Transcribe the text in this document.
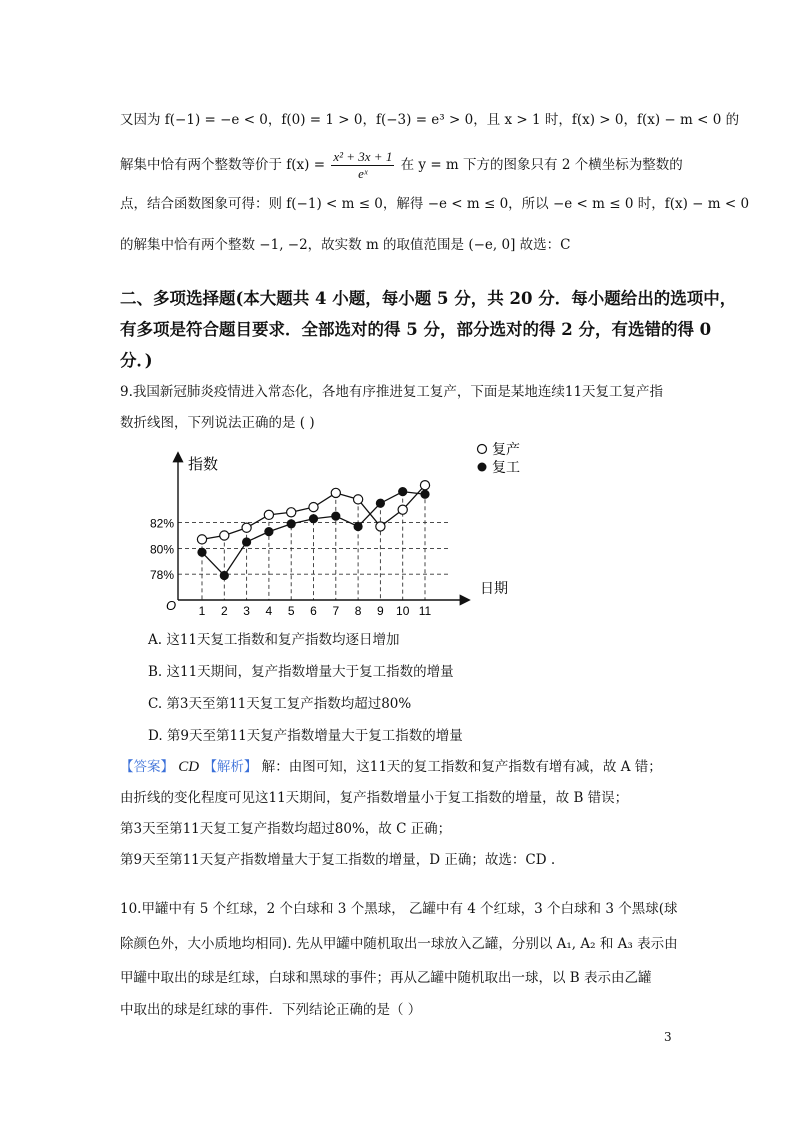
又因为 f(−1) = −e < 0，f(0) = 1 > 0，f(−3) = e³ > 0，且 x > 1 时，f(x) > 0，f(x) − m < 0 的
解集中恰有两个整数等价于 $f(x) = \frac{\text{x² + 3x + 1}}{\text{eˣ}}$ 在 y = m 下方的图象只有 2 个横坐标为整数的
点，结合函数图象可得：则 f(−1) < m ≤ 0，解得 −e < m ≤ 0，所以 −e < m ≤ 0 时，f(x) − m < 0
的解集中恰有两个整数 −1, −2，故实数 m 的取值范围是 (−e, 0] 故选：C
二、多项选择题(本大题共 4 小题，每小题 5 分，共 20 分．每小题给出的选项中，
有多项是符合题目要求．全部选对的得 5 分，部分选对的得 2 分，有选错的得 0
分．)
9.我国新冠肺炎疫情进入常态化，各地有序推进复工复产，下面是某地连续11天复工复产指
数折线图，下列说法正确的是 ( )
指数
日期
O
78%
80%
82%
1 2 3 4 5 6 7 8 9 10 11
复产
复工
A. 这11天复工指数和复产指数均逐日增加
B. 这11天期间，复产指数增量大于复工指数的增量
C. 第3天至第11天复工复产指数均超过80%
D. 第9天至第11天复产指数增量大于复工指数的增量
【答案】 CD 【解析】 解：由图可知，这11天的复工指数和复产指数有增有减，故 A 错；
由折线的变化程度可见这11天期间，复产指数增量小于复工指数的增量，故 B 错误；
第3天至第11天复工复产指数均超过80%，故 C 正确；
第9天至第11天复产指数增量大于复工指数的增量，D 正确；故选：CD .
10.甲罐中有 5 个红球，2 个白球和 3 个黑球， 乙罐中有 4 个红球，3 个白球和 3 个黑球(球
除颜色外，大小质地均相同). 先从甲罐中随机取出一球放入乙罐，分别以 A₁, A₂ 和 A₃ 表示由
甲罐中取出的球是红球，白球和黑球的事件；再从乙罐中随机取出一球，以 B 表示由乙罐
中取出的球是红球的事件．下列结论正确的是（ ）
3
